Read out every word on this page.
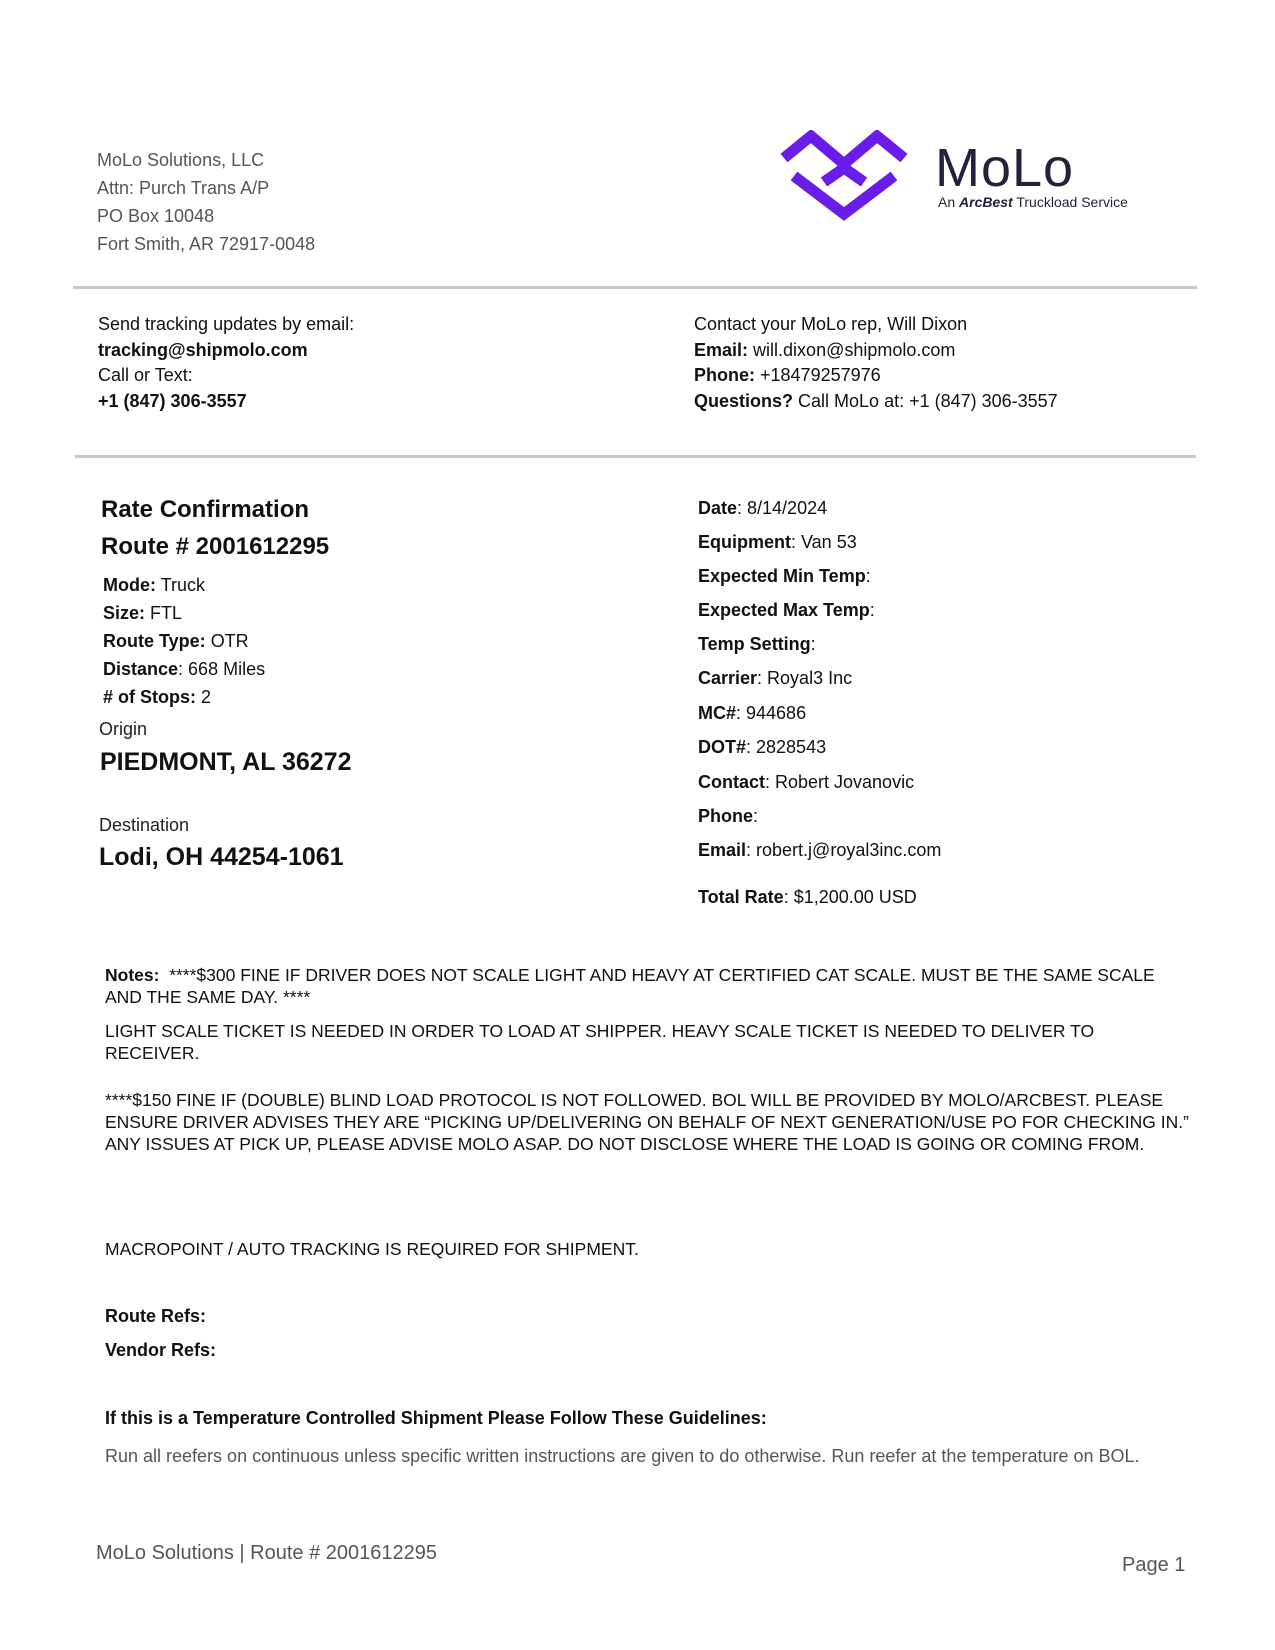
MoLo Solutions, LLC
Attn: Purch Trans A/P
PO Box 10048
Fort Smith, AR 72917-0048
MoLo
An ArcBest Truckload Service
Send tracking updates by email:
tracking@shipmolo.com
Call or Text:
+1 (847) 306-3557
Contact your MoLo rep, Will Dixon
Email: will.dixon@shipmolo.com
Phone: +18479257976
Questions? Call MoLo at: +1 (847) 306-3557
Rate Confirmation
Route # 2001612295
Mode: Truck
Size: FTL
Route Type: OTR
Distance: 668 Miles
# of Stops: 2
Origin
PIEDMONT, AL 36272
Destination
Lodi, OH 44254-1061
Date: 8/14/2024
Equipment: Van 53
Expected Min Temp:
Expected Max Temp:
Temp Setting:
Carrier: Royal3 Inc
MC#: 944686
DOT#: 2828543
Contact: Robert Jovanovic
Phone:
Email: robert.j@royal3inc.com
Total Rate: $1,200.00 USD
Notes: ****$300 FINE IF DRIVER DOES NOT SCALE LIGHT AND HEAVY AT CERTIFIED CAT SCALE. MUST BE THE SAME SCALE AND THE SAME DAY. ****
LIGHT SCALE TICKET IS NEEDED IN ORDER TO LOAD AT SHIPPER. HEAVY SCALE TICKET IS NEEDED TO DELIVER TO RECEIVER.
****$150 FINE IF (DOUBLE) BLIND LOAD PROTOCOL IS NOT FOLLOWED. BOL WILL BE PROVIDED BY MOLO/ARCBEST. PLEASE ENSURE DRIVER ADVISES THEY ARE “PICKING UP/DELIVERING ON BEHALF OF NEXT GENERATION/USE PO FOR CHECKING IN.” ANY ISSUES AT PICK UP, PLEASE ADVISE MOLO ASAP. DO NOT DISCLOSE WHERE THE LOAD IS GOING OR COMING FROM.
MACROPOINT / AUTO TRACKING IS REQUIRED FOR SHIPMENT.
Route Refs:
Vendor Refs:
If this is a Temperature Controlled Shipment Please Follow These Guidelines:
Run all reefers on continuous unless specific written instructions are given to do otherwise. Run reefer at the temperature on BOL.
MoLo Solutions | Route # 2001612295
Page 1
